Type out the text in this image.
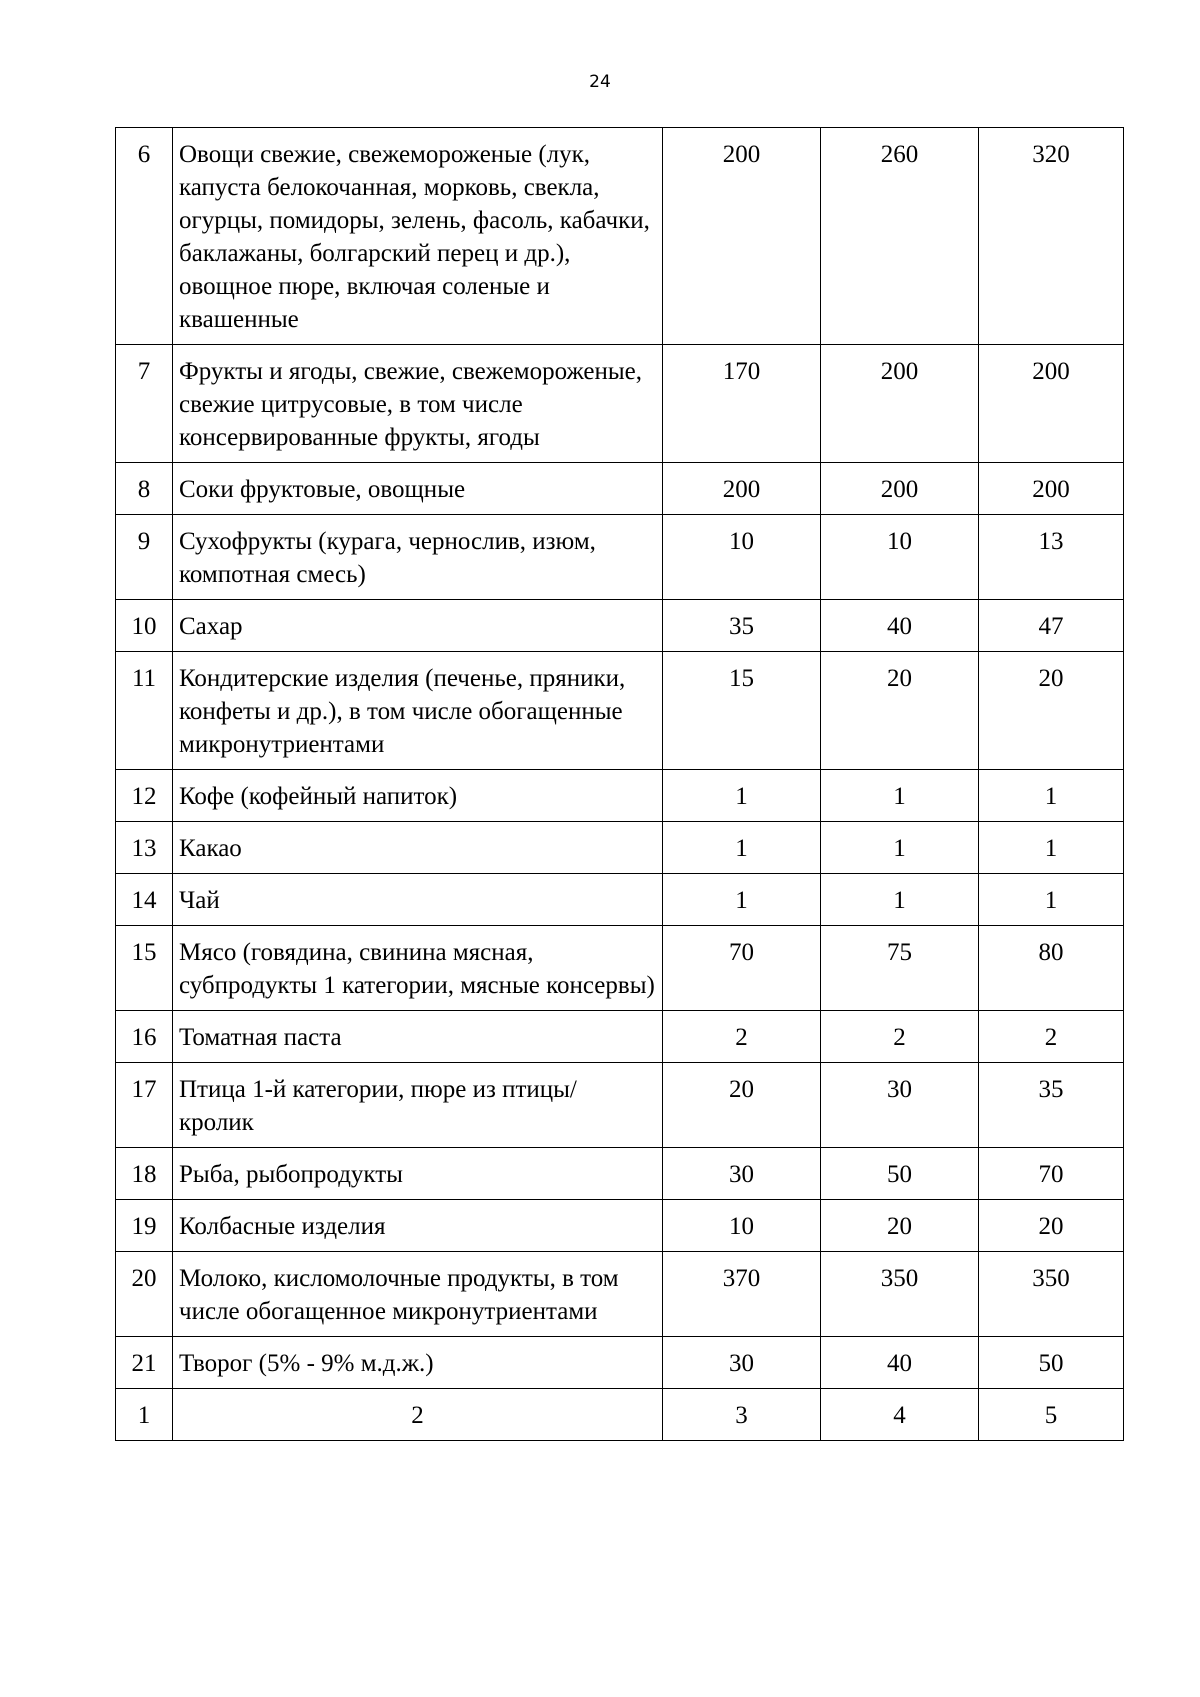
24
6	Овощи свежие, свежемороженые (лук, капуста белокочанная, морковь, свекла, огурцы, помидоры, зелень, фасоль, кабачки, баклажаны, болгарский перец и др.), овощное пюре, включая соленые и квашенные	200	260	320
7	Фрукты и ягоды, свежие, свежемороженые, свежие цитрусовые, в том числе консервированные фрукты, ягоды	170	200	200
8	Соки фруктовые, овощные	200	200	200
9	Сухофрукты (курага, чернослив, изюм, компотная смесь)	10	10	13
10	Сахар	35	40	47
11	Кондитерские изделия (печенье, пряники, конфеты и др.), в том числе обогащенные микронутриентами	15	20	20
12	Кофе (кофейный напиток)	1	1	1
13	Какао	1	1	1
14	Чай	1	1	1
15	Мясо (говядина, свинина мясная, субпродукты 1 категории, мясные консервы)	70	75	80
16	Томатная паста	2	2	2
17	Птица 1-й категории, пюре из птицы/ кролик	20	30	35
18	Рыба, рыбопродукты	30	50	70
19	Колбасные изделия	10	20	20
20	Молоко, кисломолочные продукты, в том числе обогащенное микронутриентами	370	350	350
21	Творог (5% - 9% м.д.ж.)	30	40	50
1	2	3	4	5
